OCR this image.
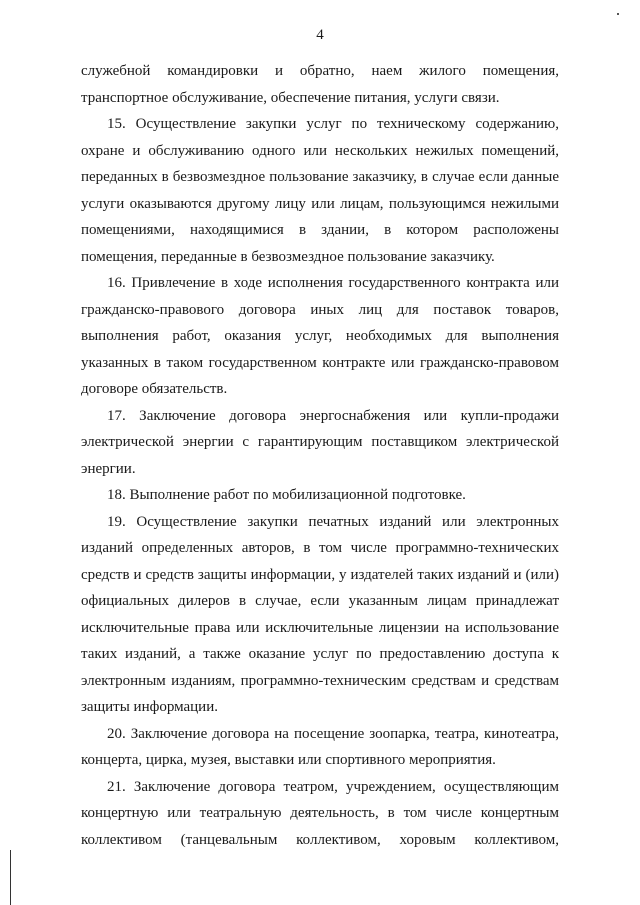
4
служебной командировки и обратно, наем жилого помещения,
транспортное обслуживание, обеспечение питания, услуги связи.
15. Осуществление закупки услуг по техническому содержанию,
охране и обслуживанию одного или нескольких нежилых помещений,
переданных в безвозмездное пользование заказчику, в случае если данные
услуги оказываются другому лицу или лицам, пользующимся нежилыми
помещениями, находящимися в здании, в котором расположены
помещения, переданные в безвозмездное пользование заказчику.
16. Привлечение в ходе исполнения государственного контракта или
гражданско-правового договора иных лиц для поставок товаров,
выполнения работ, оказания услуг, необходимых для выполнения
указанных в таком государственном контракте или гражданско-правовом
договоре обязательств.
17. Заключение договора энергоснабжения или купли-продажи
электрической энергии с гарантирующим поставщиком электрической
энергии.
18. Выполнение работ по мобилизационной подготовке.
19. Осуществление закупки печатных изданий или электронных
изданий определенных авторов, в том числе программно-технических
средств и средств защиты информации, у издателей таких изданий и (или)
официальных дилеров в случае, если указанным лицам принадлежат
исключительные права или исключительные лицензии на использование
таких изданий, а также оказание услуг по предоставлению доступа к
электронным изданиям, программно-техническим средствам и средствам
защиты информации.
20. Заключение договора на посещение зоопарка, театра, кинотеатра,
концерта, цирка, музея, выставки или спортивного мероприятия.
21. Заключение договора театром, учреждением, осуществляющим
концертную или театральную деятельность, в том числе концертным
коллективом (танцевальным коллективом, хоровым коллективом,
